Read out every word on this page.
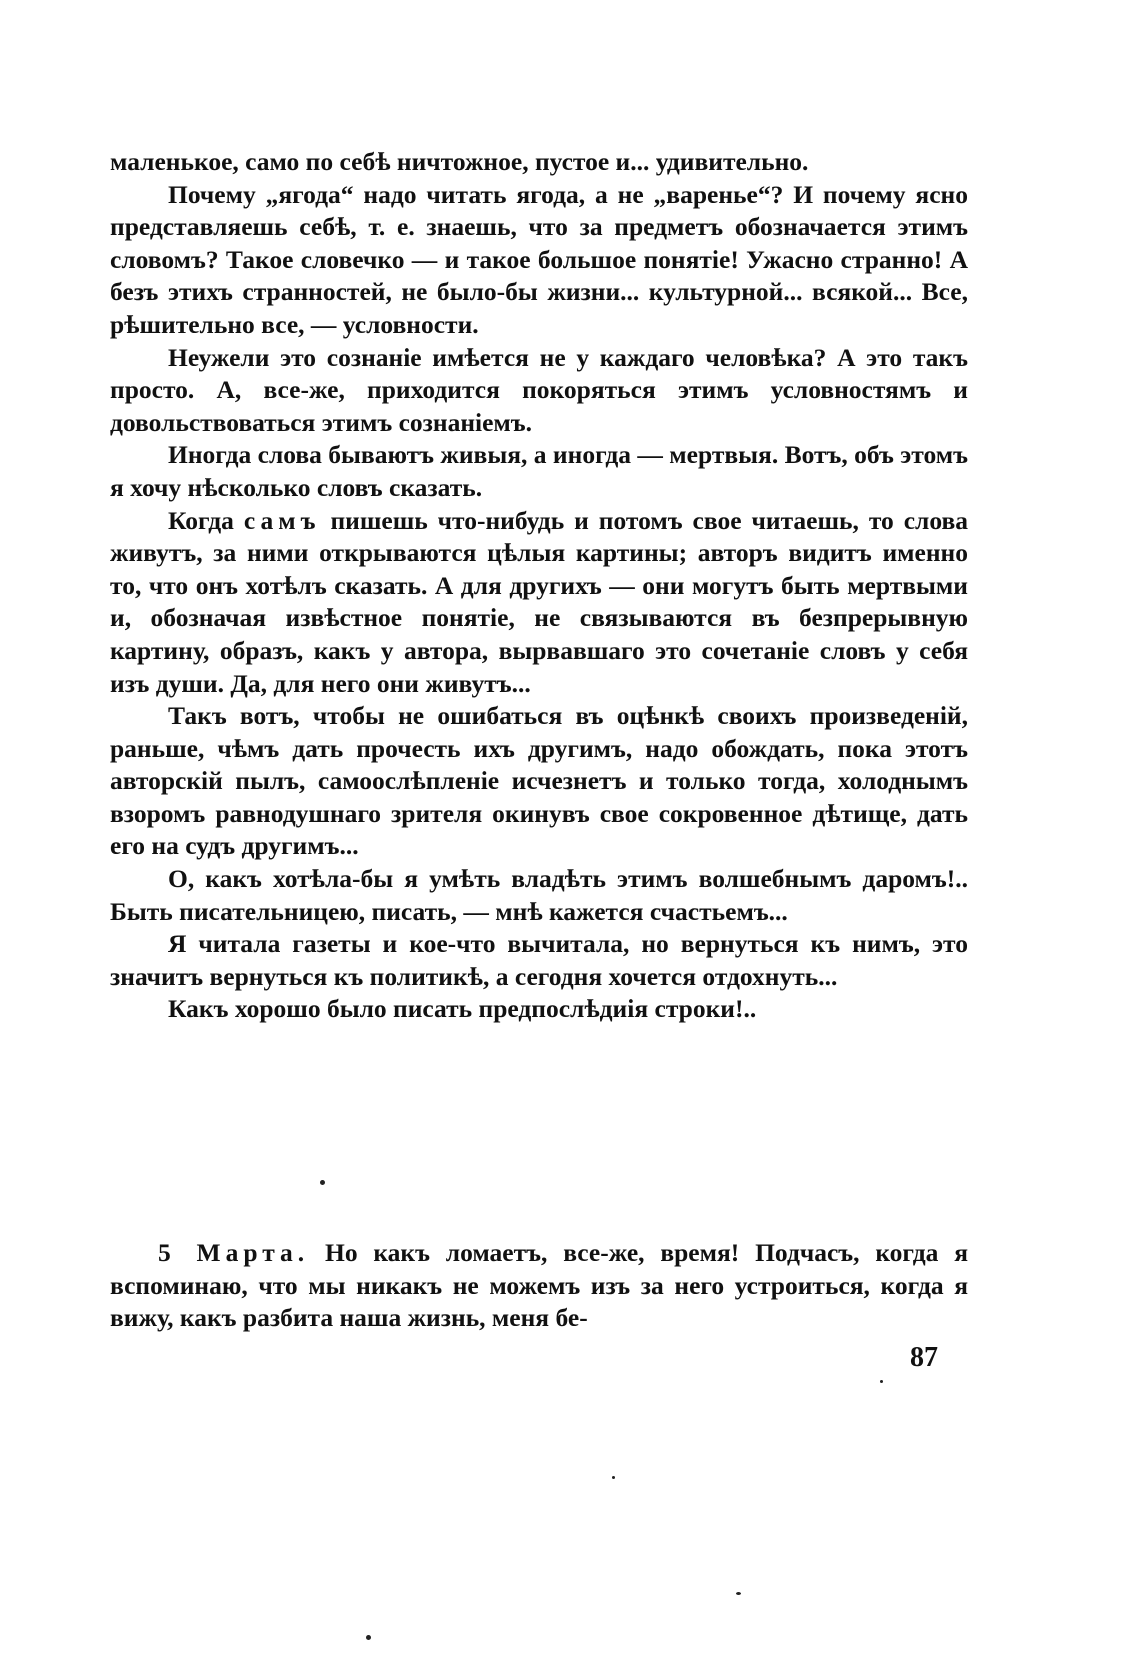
маленькое, само по себѣ ничтожное, пустое и... удивительно.

Почему „ягода“ надо читать ягода, а не „варенье“? И почему ясно представляешь себѣ, т. е. знаешь, что за предметъ обозначается этимъ словомъ? Такое словечко — и такое большое понятіе! Ужасно странно! А безъ этихъ странностей, не было-бы жизни... культурной... всякой... Все, рѣшительно все, — условности.

Неужели это сознаніе имѣется не у каждаго человѣка? А это такъ просто. А, все-же, приходится покоряться этимъ условностямъ и довольствоваться этимъ сознаніемъ.

Иногда слова бываютъ живыя, а иногда — мертвыя. Вотъ, объ этомъ я хочу нѣсколько словъ сказать.

Когда самъ пишешь что-нибудь и потомъ свое читаешь, то слова живутъ, за ними открываются цѣлыя картины; авторъ видитъ именно то, что онъ хотѣлъ сказать. А для другихъ — они могутъ быть мертвыми и, обозначая извѣстное понятіе, не связываются въ безпрерывную картину, образъ, какъ у автора, вырвавшаго это сочетаніе словъ у себя изъ души. Да, для него они живутъ...

Такъ вотъ, чтобы не ошибаться въ оцѣнкѣ своихъ произведеній, раньше, чѣмъ дать прочесть ихъ другимъ, надо обождать, пока этотъ авторскій пылъ, самоослѣпленіе исчезнетъ и только тогда, холоднымъ взоромъ равнодушнаго зрителя окинувъ свое сокровенное дѣтище, дать его на судъ другимъ...

О, какъ хотѣла-бы я умѣть владѣть этимъ волшебнымъ даромъ!.. Быть писательницею, писать, — мнѣ кажется счастьемъ...

Я читала газеты и кое-что вычитала, но вернуться къ нимъ, это значитъ вернуться къ политикѣ, а сегодня хочется отдохнуть...

Какъ хорошо было писать предпослѣдиія строки!..

5 Марта. Но какъ ломаетъ, все-же, время! Подчасъ, когда я вспоминаю, что мы никакъ не можемъ изъ за него устроиться, когда я вижу, какъ разбита наша жизнь, меня бе-

87
